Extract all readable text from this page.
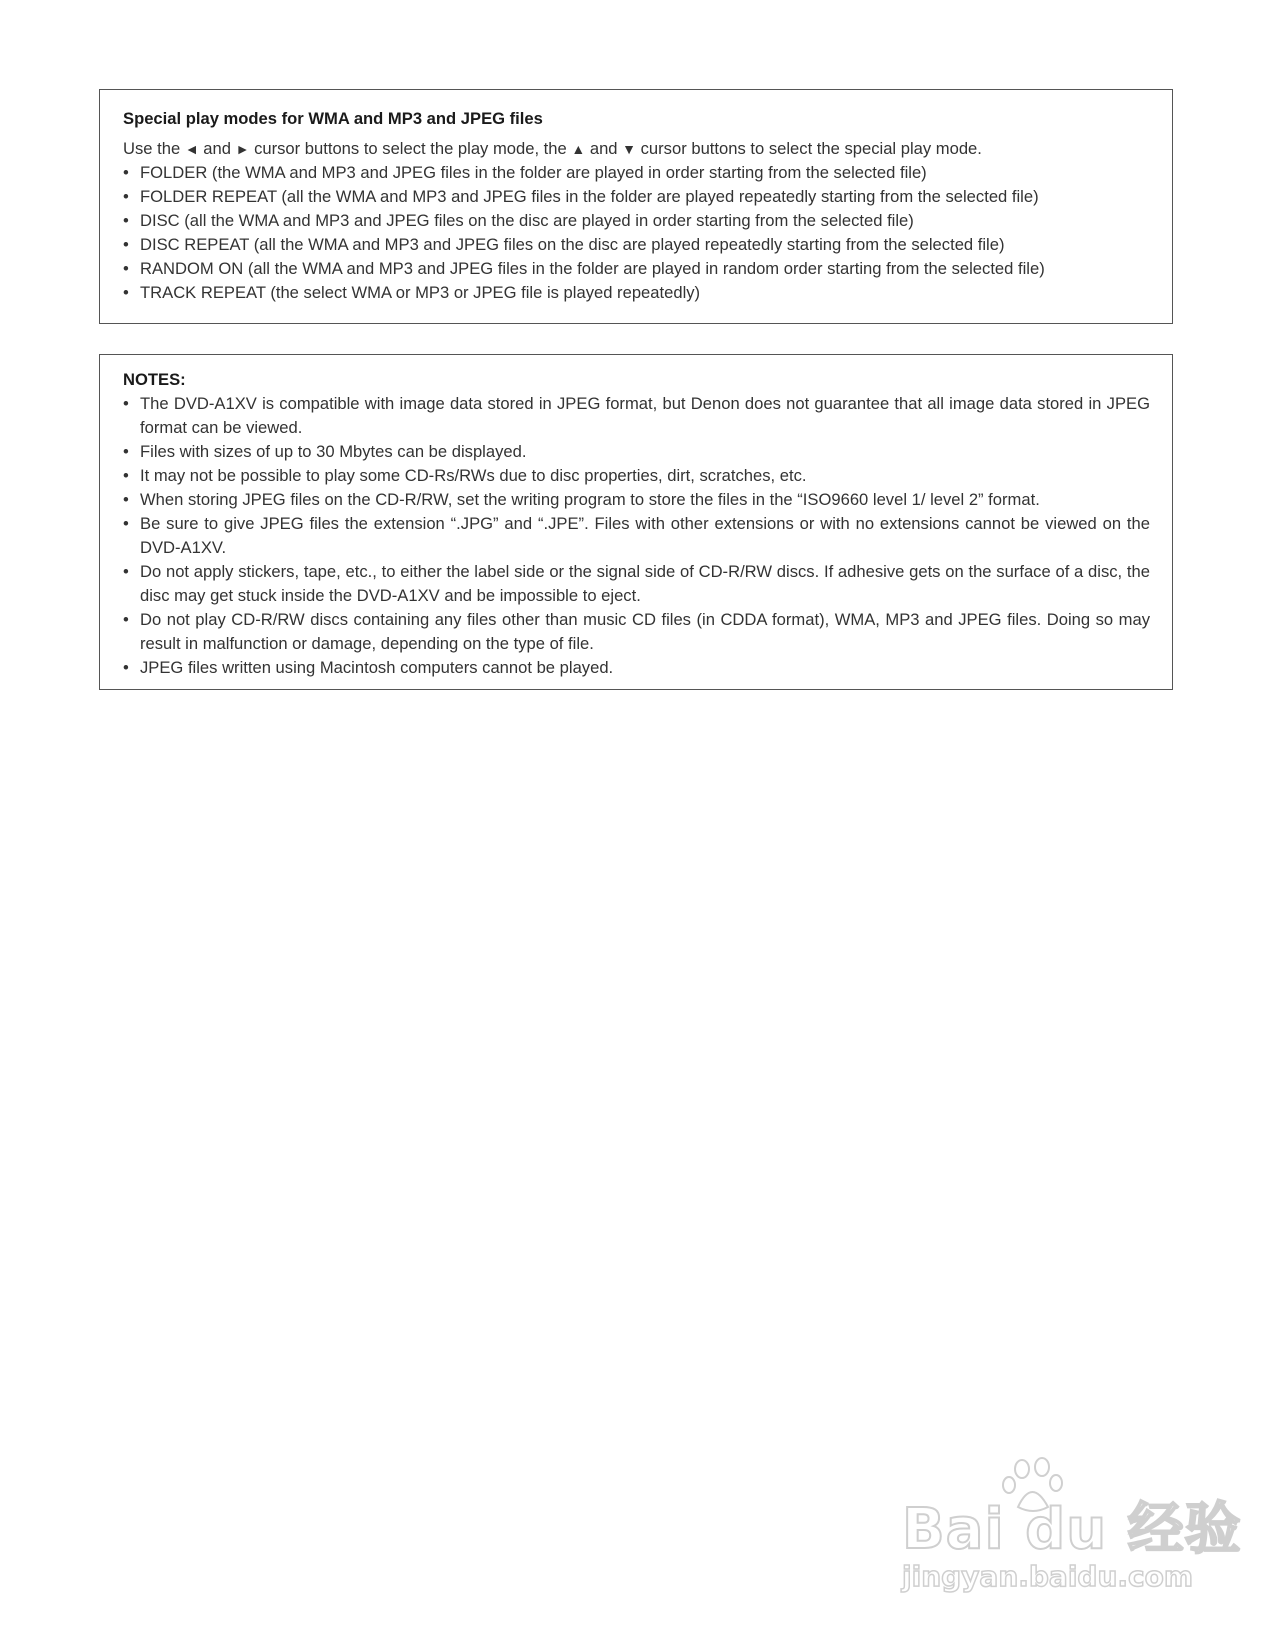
Special play modes for WMA and MP3 and JPEG files

Use the ◄ and ► cursor buttons to select the play mode, the ▲ and ▼ cursor buttons to select the special play mode.

• FOLDER (the WMA and MP3 and JPEG files in the folder are played in order starting from the selected file)
• FOLDER REPEAT (all the WMA and MP3 and JPEG files in the folder are played repeatedly starting from the selected file)
• DISC (all the WMA and MP3 and JPEG files on the disc are played in order starting from the selected file)
• DISC REPEAT (all the WMA and MP3 and JPEG files on the disc are played repeatedly starting from the selected file)
• RANDOM ON (all the WMA and MP3 and JPEG files in the folder are played in random order starting from the selected file)
• TRACK REPEAT (the select WMA or MP3 or JPEG file is played repeatedly)
NOTES:
• The DVD-A1XV is compatible with image data stored in JPEG format, but Denon does not guarantee that all image data stored in JPEG format can be viewed.
• Files with sizes of up to 30 Mbytes can be displayed.
• It may not be possible to play some CD-Rs/RWs due to disc properties, dirt, scratches, etc.
• When storing JPEG files on the CD-R/RW, set the writing program to store the files in the “ISO9660 level 1/ level 2” format.
• Be sure to give JPEG files the extension “.JPG” and “.JPE”. Files with other extensions or with no extensions cannot be viewed on the DVD-A1XV.
• Do not apply stickers, tape, etc., to either the label side or the signal side of CD-R/RW discs. If adhesive gets on the surface of a disc, the disc may get stuck inside the DVD-A1XV and be impossible to eject.
• Do not play CD-R/RW discs containing any files other than music CD files (in CDDA format), WMA, MP3 and JPEG files. Doing so may result in malfunction or damage, depending on the type of file.
• JPEG files written using Macintosh computers cannot be played.
Bai du 经验
jingyan.baidu.com
